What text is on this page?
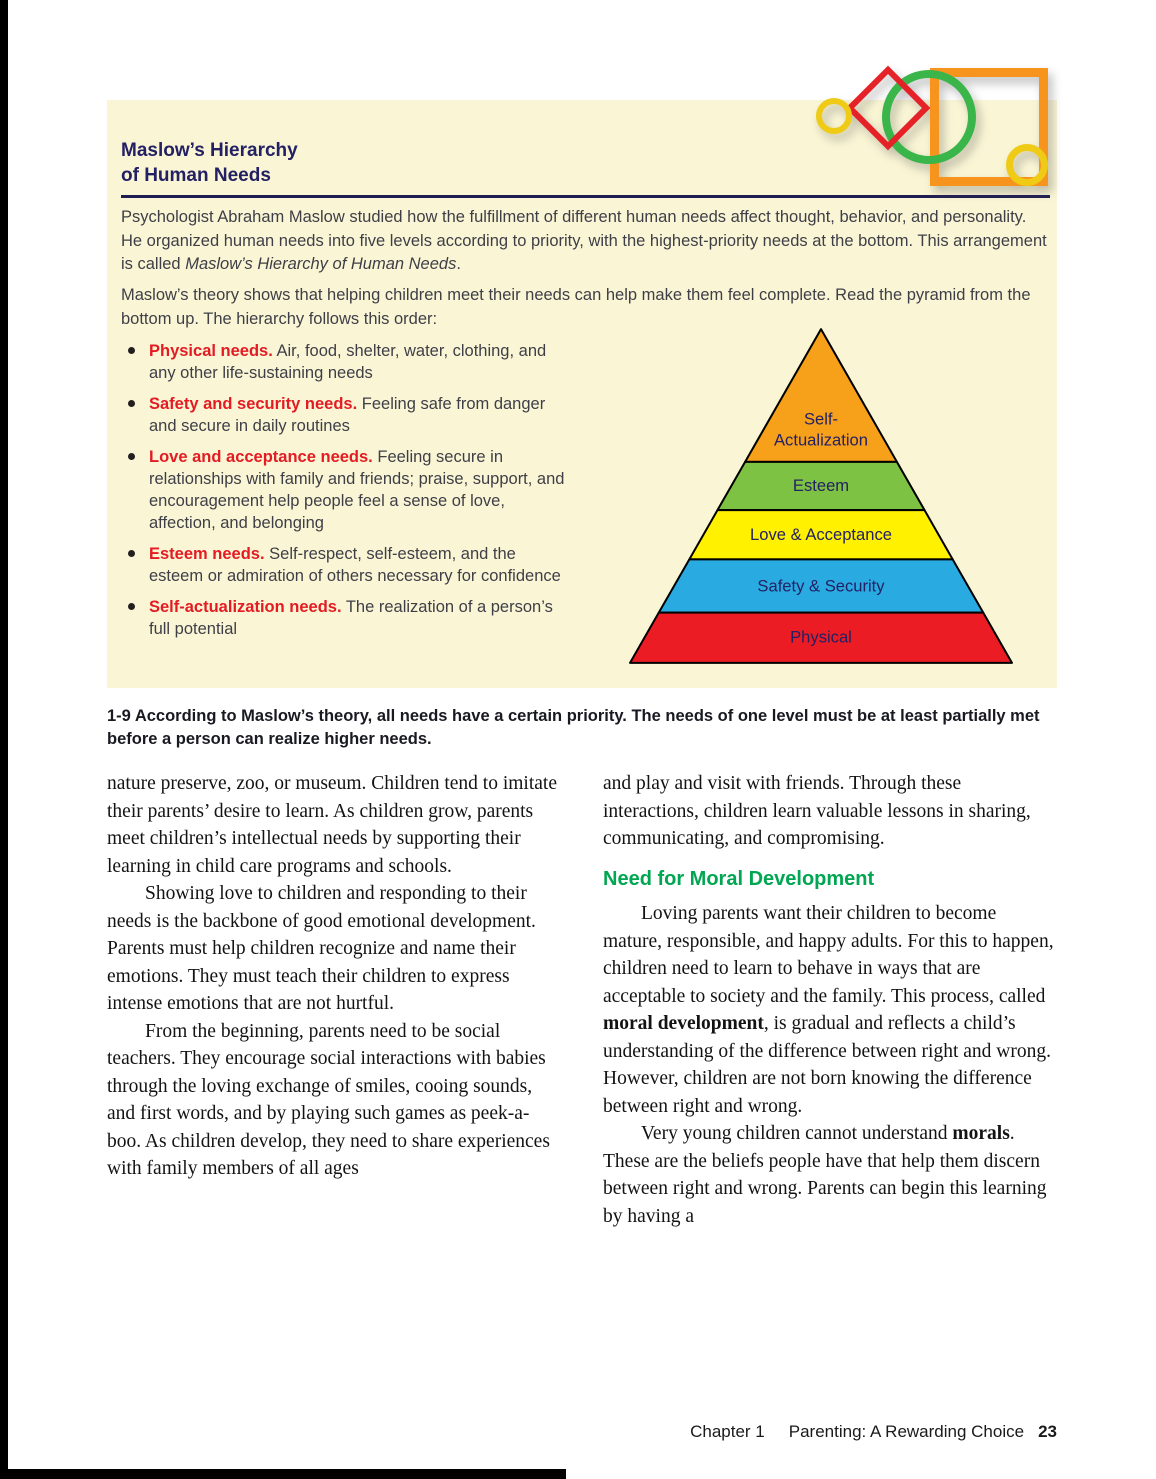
Maslow’s Hierarchy
of Human Needs

Psychologist Abraham Maslow studied how the fulfillment of different human needs affect thought, behavior, and personality. He organized human needs into five levels according to priority, with the highest-priority needs at the bottom. This arrangement is called Maslow’s Hierarchy of Human Needs.

Maslow’s theory shows that helping children meet their needs can help make them feel complete. Read the pyramid from the bottom up. The hierarchy follows this order:

Physical needs. Air, food, shelter, water, clothing, and any other life-sustaining needs
Safety and security needs. Feeling safe from danger and secure in daily routines
Love and acceptance needs. Feeling secure in relationships with family and friends; praise, support, and encouragement help people feel a sense of love, affection, and belonging
Esteem needs. Self-respect, self-esteem, and the esteem or admiration of others necessary for confidence
Self-actualization needs. The realization of a person’s full potential
Self-
Actualization
Esteem
Love & Acceptance
Safety & Security
Physical

1-9 According to Maslow’s theory, all needs have a certain priority. The needs of one level must be at least partially met before a person can realize higher needs.

nature preserve, zoo, or museum. Children tend to imitate their parents’ desire to learn. As children grow, parents meet children’s intellectual needs by supporting their learning in child care programs and schools.

Showing love to children and responding to their needs is the backbone of good emotional development. Parents must help children recognize and name their emotions. They must teach their children to express intense emotions that are not hurtful.

From the beginning, parents need to be social teachers. They encourage social interactions with babies through the loving exchange of smiles, cooing sounds, and first words, and by playing such games as peek-a-boo. As children develop, they need to share experiences with family members of all ages

and play and visit with friends. Through these interactions, children learn valuable lessons in sharing, communicating, and compromising.

Need for Moral Development

Loving parents want their children to become mature, responsible, and happy adults. For this to happen, children need to learn to behave in ways that are acceptable to society and the family. This process, called moral development, is gradual and reflects a child’s understanding of the difference between right and wrong. However, children are not born knowing the difference between right and wrong.

Very young children cannot understand morals. These are the beliefs people have that help them discern between right and wrong. Parents can begin this learning by having a

Chapter 1 Parenting: A Rewarding Choice 23
